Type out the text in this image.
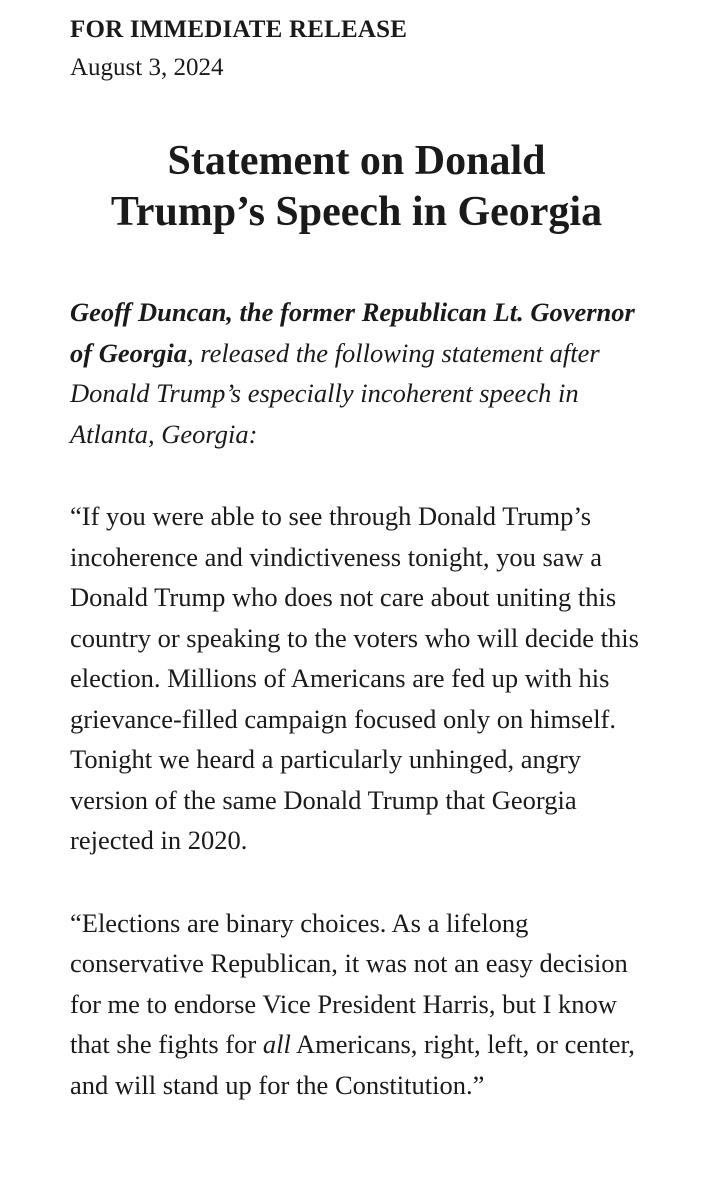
FOR IMMEDIATE RELEASE

August 3, 2024

Statement on Donald Trump’s Speech in Georgia

Geoff Duncan, the former Republican Lt. Governor of Georgia, released the following statement after Donald Trump’s especially incoherent speech in Atlanta, Georgia:

“If you were able to see through Donald Trump’s incoherence and vindictiveness tonight, you saw a Donald Trump who does not care about uniting this country or speaking to the voters who will decide this election. Millions of Americans are fed up with his grievance-filled campaign focused only on himself. Tonight we heard a particularly unhinged, angry version of the same Donald Trump that Georgia rejected in 2020.

“Elections are binary choices. As a lifelong conservative Republican, it was not an easy decision for me to endorse Vice President Harris, but I know that she fights for all Americans, right, left, or center, and will stand up for the Constitution.”
